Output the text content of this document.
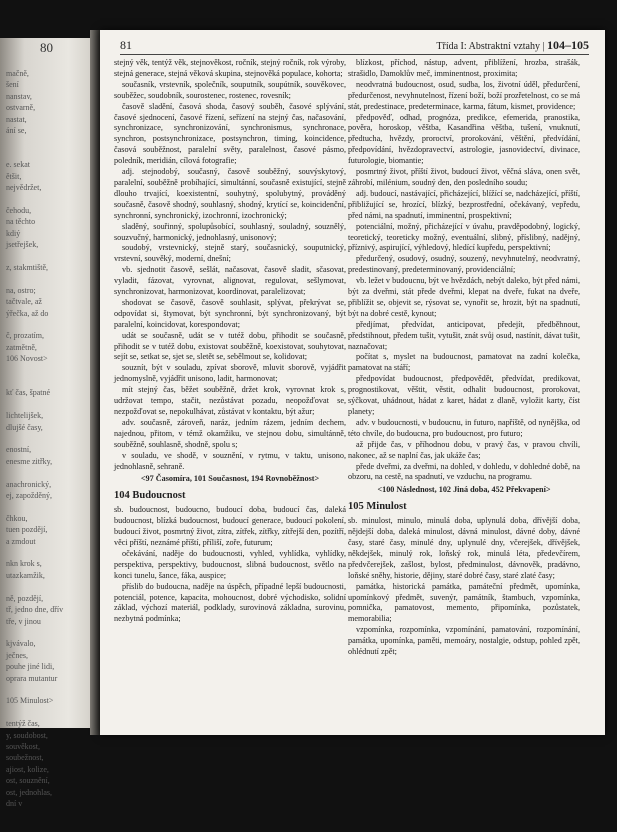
80
mačně,
šení
nanstav,
ostvarně,
nastat,
ání se,

e. sekat
ětšit,
nejvědržet,

čehodu,
na těchto
kdiý
jsetřejšek,

z, stakmtiště,

na, ostro;
tačtvale, až
ýřečka, až do

č, prozatím,
zatmětně,
106 Novost>

kť čas, špatné

lichtelijšek,
dlujšé časy,

enostní,
enesme zitřky,

anachronický,
ej, zapožděný,

čhkou,
tuen pozdějí,
a zmdout

nkn krok s,
utazkamžik,

ně, pozdějí,
tř, jedno dne, dřív
tře, v jinou

kjvávalo,
ječnes,
pouhe jiné lidi,
oprara mutantur

105 Minulost>

tentýž čas,
y, soudobost,
souvěkost,
soubežnost,
ajiost, kolize,
ost, souznění,
ost, jednohlas,
dní v

81	Třída I: Abstraktní vztahy | 104–105

stejný věk, tentýž věk, stejnověkost, ročník, stejný ročník, rok výroby, stejná generace, stejná věková skupina, stejnověká populace, kohorta;

současník, vrstevník, společník, souputník, soupútník, souvěkovec, souběžec, soudobník, sourostenec, rostenec, rovesník;

časově sladění, časová shoda, časový souběh, časové splývání, časové sjednocení, časové řízení, seřízení na stejný čas, načasování, synchronizace, synchronizování, synchronismus, synchronace, synchron, postsynchronizace, postsynchron, timing, koincidence, časová souběžnost, paralelní světy, paralelnost, časové pásmo, poledník, meridián, cílová fotografie;

adj. stejnodobý, současný, časově souběžný, souvýskytový, paralelní, souběžně probíhající, simultánní, současně existující, stejně dlouho trvající, koexistentní, souhytný, spolubytný, prováděný současně, časově shodný, souhlasný, shodný, krytící se, koincidenční, synchronní, synchronický, izochronní, izochronický;

sladěný, souřinný, spolupůsobící, souhlasný, souladný, souznělý, souzvučný, harmonický, jednohlasný, unisonový;

soudobý, vrstevnický, stejně starý, současnický, souputnický, vrstevní, souvěký, moderní, dnešní;

vb. sjednotit časově, sešlát, načasovat, časově sladit, sčasovat, vyladit, fázovat, vyrovnat, alignovat, regulovat, sešlymovat, synchronizovat, harmonizovat, koordinovat, paralelizovat;

shodovat se časově, časově souhlasit, splývat, překrývat se, odpovídat si, štymovat, být synchronní, být synchronizovaný, být paralelní, koincidovat, korespondovat;

udát se současně, udát se v tutéž dobu, přihodit se současně, přihodit se v tutéž dobu, existovat souběžně, koexistovat, souhytovat, sejít se, setkat se, sjet se, sletět se, sebělmout se, kolidovat;

souznít, být v souladu, zpívat sborově, mluvit sborově, vyjádřit jednomyslně, vyjádřit unisono, ladit, harmonovat;

mít stejný čas, běžet souběžně, držet krok, vyrovnat krok s, udržovat tempo, stačit, nezůstávat pozadu, neopožďovat se, nezpožďovat se, nepokulhávat, zůstávat v kontaktu, být ažur;

adv. současně, zároveň, naráz, jedním rázem, jedním dechem, najednou, přitom, v témž okamžiku, ve stejnou dobu, simultánně, souběžně, souhlasně, shodně, spolu s;

v souladu, ve shodě, v souznění, v rytmu, v taktu, unisono, jednohlasně, sehraně.

<97 Časomíra, 101 Současnost, 194 Rovnoběžnost>
104 Budoucnost

sb. budoucnost, budoucno, budoucí doba, budoucí čas, daleká budoucnost, blízká budoucnost, budoucí generace, budoucí pokolení, budoucí život, posmrtný život, zítra, zítřek, zítřky, zítřejší den, pozítří, věci příští, neznámé příští, příliší, zoře, futurum;

očekávání, naděje do budoucnosti, vyhled, vyhlídka, vyhlídky, perspektiva, perspektivy, budoucnost, slibná budoucnost, světlo na konci tunelu, šance, fáka, auspice;

příslib do budoucna, naděje na úspěch, případné lepší budoucnosti, potenciál, potence, kapacita, mohoucnost, dobré východisko, solidní základ, výchozí materiál, podklady, surovinová základna, surovinu, nezbytná podmínka;

blízkost, příchod, nástup, advent, přiblížení, hrozba, strašák, strašidlo, Damoklův meč, imminentnost, proximita;

neodvratná budoucnost, osud, sudba, los, životní úděl, předurčení, předurčenost, nevyhnutelnost, řízení boží, boží prozřetelnost, co se má stát, predestinace, predeterminace, karma, fátum, kismet, providence;

předpověď, odhad, prognóza, predikce, efemerida, pranostika, pověra, horoskop, věštba, Kasandřina věštba, tušení, vnuknutí, předtucha, hvězdy, proroctví, prorokování, věštění, předvídání, předpovídání, hvězdopravectví, astrologie, jasnovidectví, divinace, futurologie, biomantie;

posmrtný život, příští život, budoucí život, věčná sláva, onen svět, záhrobí, milénium, soudný den, den posledního soudu;

adj. budoucí, nastávající, přicházející, blížící se, nadcházející, příští, přibližující se, hrozící, blízký, bezprostřední, očekávaný, vepředu, před námi, na spadnutí, imminentní, prospektivní;

potenciální, možný, přicházející v úvahu, pravděpodobný, logický, teoretický, teoreticky možný, eventuální, slibný, příslibný, nadějný, příznivý, aspirující, výhledový, hledící kupředu, perspektivní;

předurčený, osudový, osudný, souzený, nevyhnutelný, neodvratný, predestinovaný, predeterminovaný, providenciální;

vb. ležet v budoucnu, být ve hvězdách, nebýt daleko, být před námi, být za dveřmi, stát přede dveřmi, klepat na dveře, fukat na dveře, přiblížit se, objevit se, rýsovat se, vynořit se, hrozit, být na spadnutí, být na dobré cestě, kynout;

předjímat, předvídat, anticipovat, předejít, předběhnout, předstihnout, předem tušit, vytušit, znát svůj osud, nastínit, dávat tušit, naznačovat;

počítat s, myslet na budoucnost, pamatovat na zadní kolečka, pamatovat na stáří;

předpovídat budoucnost, předpovědět, předvídat, predikovat, prognostikovat, věštit, věstit, odhalit budoucnost, prorokovat, sýčkovat, uhádnout, hádat z karet, hádat z dlaně, vyložit karty, číst planety;

adv. v budoucnosti, v budoucnu, in futuro, napříště, od nynějška, od této chvíle, do budoucna, pro budoucnost, pro futuro;

až přijde čas, v příhodnou dobu, v pravý čas, v pravou chvíli, nakonec, až se naplní čas, jak ukáže čas;

přede dveřmi, za dveřmi, na dohled, v dohledu, v dohledné době, na obzoru, na cestě, na spadnutí, ve vzduchu, na programu.

<100 Následnost, 102 Jiná doba, 452 Překvapení>
105 Minulost

sb. minulost, minulo, minulá doba, uplynulá doba, dřívější doba, nějdejší doba, daleká minulost, dávná minulost, dávné doby, dávné časy, staré časy, minulé dny, uplynulé dny, včerejšek, dřívějšek, někdejšek, minulý rok, loňský rok, minulá léta, předevčírem, předvčerejšek, zašlost, bylost, předminulost, dávnověk, pradávno, loňské sněhy, historie, dějiny, staré dobré časy, staré zlaté časy;

památka, historická památka, památeční předmět, upomínka, upomínkový předmět, suvenýr, památník, štambuch, vzpomínka, pomnička, pamatovost, memento, připomínka, pozůstatek, memorabilia;

vzpomínka, rozpomínka, vzpomínání, pamatování, rozpomínání, památka, upomínka, paměti, memoáry, nostalgie, odstup, pohled zpět, ohlédnutí zpět;
